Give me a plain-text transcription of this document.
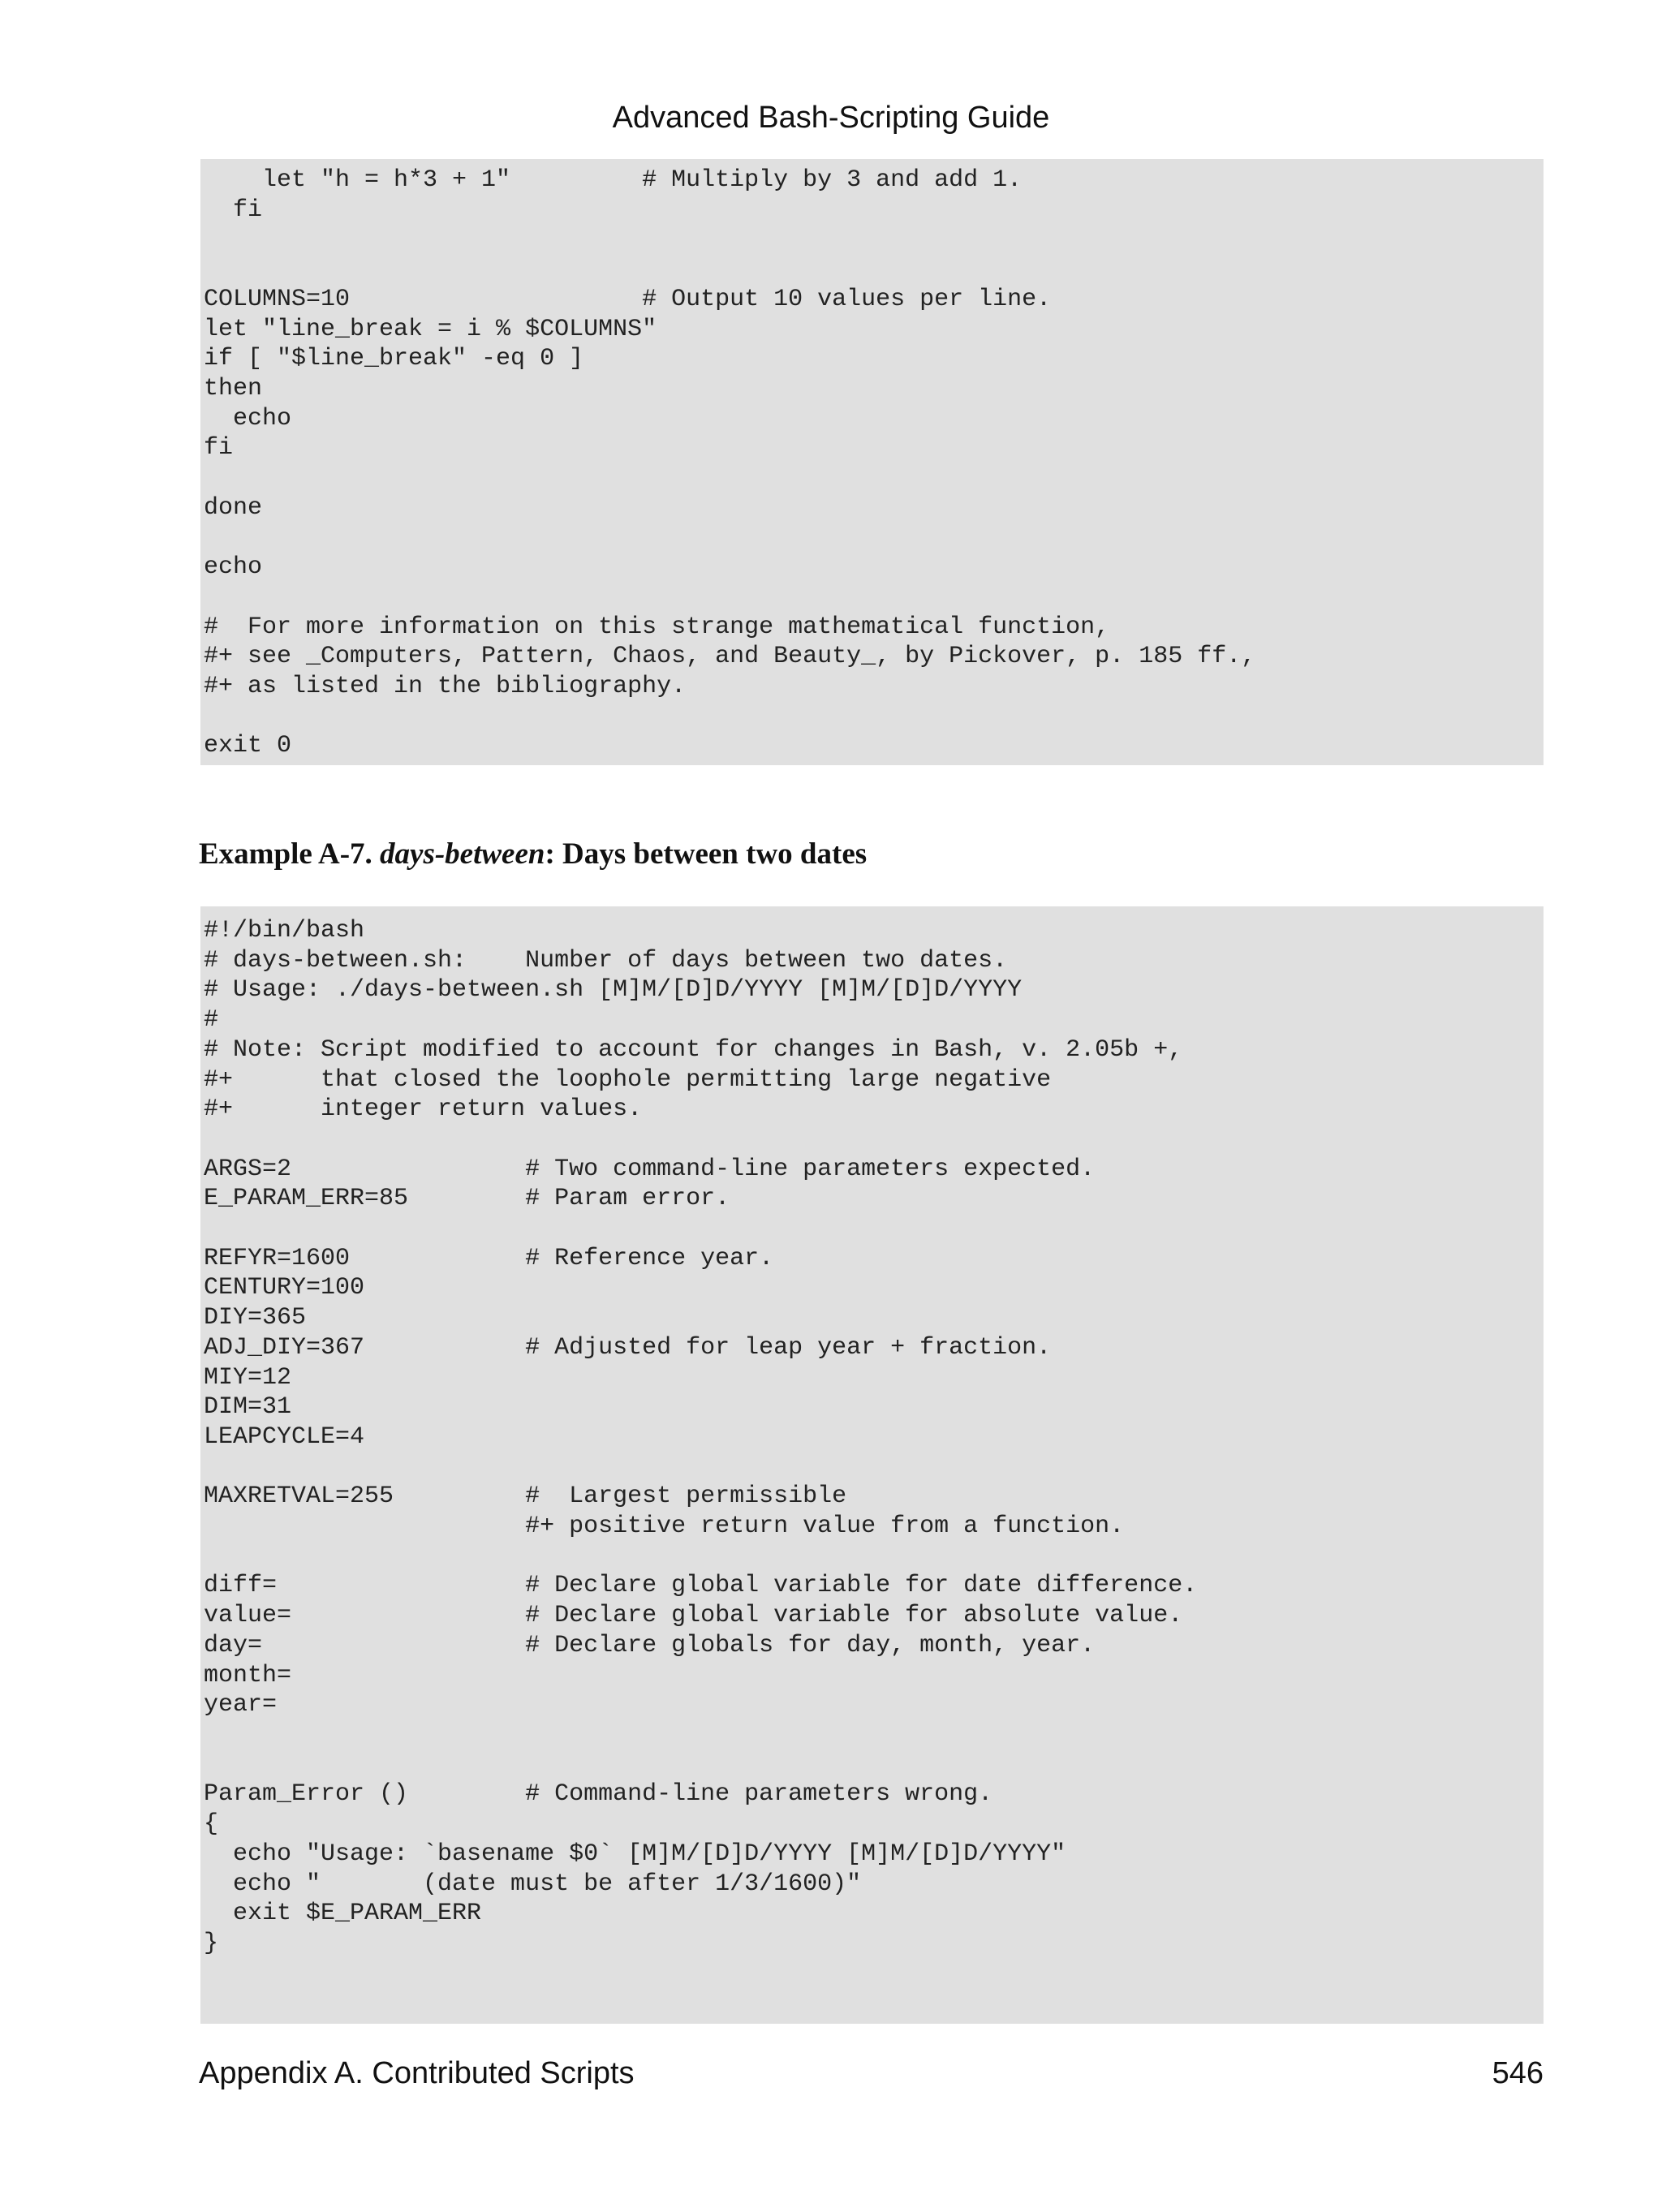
Advanced Bash-Scripting Guide
let "h = h*3 + 1"         # Multiply by 3 and add 1.
fi

COLUMNS=10                    # Output 10 values per line.
let "line_break = i % $COLUMNS"
if [ "$line_break" -eq 0 ]
then
echo
fi

done

echo

#  For more information on this strange mathematical function,
#+ see _Computers, Pattern, Chaos, and Beauty_, by Pickover, p. 185 ff.,
#+ as listed in the bibliography.

exit 0
Example A-7. days-between: Days between two dates
#!/bin/bash
# days-between.sh:    Number of days between two dates.
# Usage: ./days-between.sh [M]M/[D]D/YYYY [M]M/[D]D/YYYY
#
# Note: Script modified to account for changes in Bash, v. 2.05b +,
#+      that closed the loophole permitting large negative
#+      integer return values.

ARGS=2                # Two command-line parameters expected.
E_PARAM_ERR=85        # Param error.

REFYR=1600            # Reference year.
CENTURY=100
DIY=365
ADJ_DIY=367           # Adjusted for leap year + fraction.
MIY=12
DIM=31
LEAPCYCLE=4

MAXRETVAL=255         #  Largest permissible
#+ positive return value from a function.

diff=                 # Declare global variable for date difference.
value=                # Declare global variable for absolute value.
day=                  # Declare globals for day, month, year.
month=
year=

Param_Error ()        # Command-line parameters wrong.
{
echo "Usage: `basename $0` [M]M/[D]D/YYYY [M]M/[D]D/YYYY"
echo "       (date must be after 1/3/1600)"
exit $E_PARAM_ERR
}
Appendix A. Contributed Scripts	546
